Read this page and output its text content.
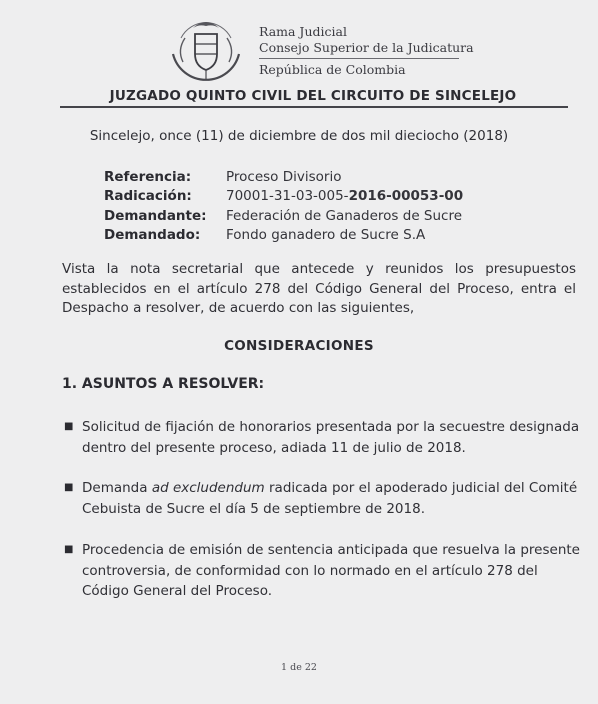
Rama Judicial
Consejo Superior de la Judicatura
República de Colombia
JUZGADO QUINTO CIVIL DEL CIRCUITO DE SINCELEJO
Sincelejo, once (11) de diciembre de dos mil dieciocho (2018)
Referencia:	Proceso Divisorio
Radicación:	70001-31-03-005-2016-00053-00
Demandante:	Federación de Ganaderos de Sucre
Demandado:	Fondo ganadero de Sucre S.A
Vista la nota secretarial que antecede y reunidos los presupuestos establecidos en el artículo 278 del Código General del Proceso, entra el Despacho a resolver, de acuerdo con las siguientes,
CONSIDERACIONES
1. ASUNTOS A RESOLVER:
■ Solicitud de fijación de honorarios presentada por la secuestre designada dentro del presente proceso, adiada 11 de julio de 2018.
■ Demanda ad excludendum radicada por el apoderado judicial del Comité Cebuista de Sucre el día 5 de septiembre de 2018.
■ Procedencia de emisión de sentencia anticipada que resuelva la presente controversia, de conformidad con lo normado en el artículo 278 del Código General del Proceso.
1 de 22
